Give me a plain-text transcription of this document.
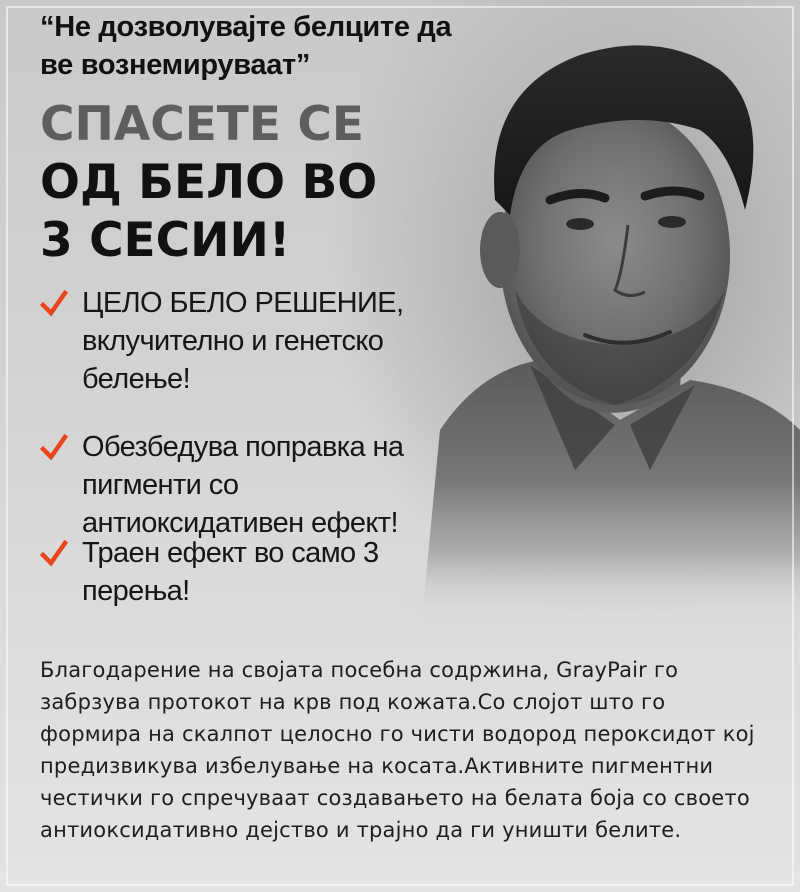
“Не дозволувајте белците да ве вознемируваат”
СПАСЕТЕ СЕ
ОД БЕЛО ВО
3 СЕСИИ!
ЦЕЛО БЕЛО РЕШЕНИЕ, вклучително и генетско белење!
Обезбедува поправка на пигменти со антиоксидативен ефект!
Траен ефект во само 3 перења!
Благодарение на својата посебна содржина, GrayPair го забрзува протокот на крв под кожата.Со слојот што го формира на скалпот целосно го чисти водород пероксидот кој предизвикува избелување на косата.Активните пигментни честички го спречуваат создавањето на белата боја со своето антиоксидативно дејство и трајно да ги уништи белите.
